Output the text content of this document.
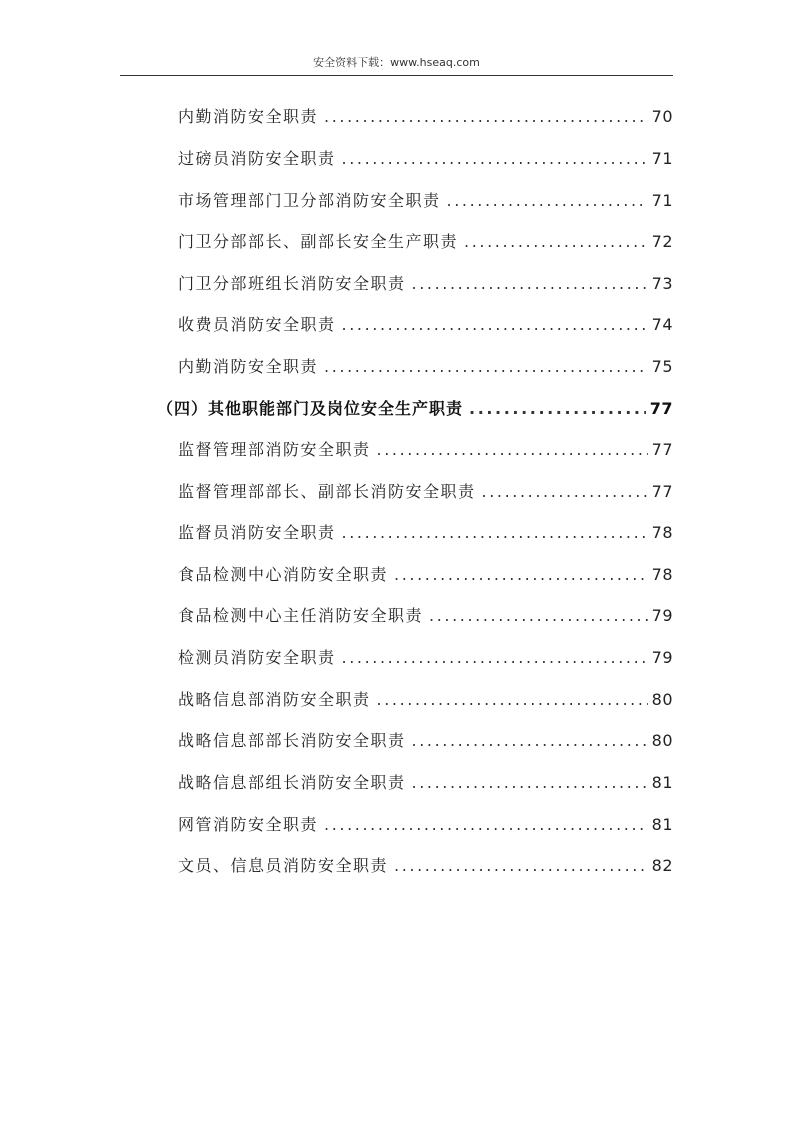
安全资料下载：www.hseaq.com
内勤消防安全职责 .....	70
过磅员消防安全职责 .....	71
市场管理部门卫分部消防安全职责 .....	71
门卫分部部长、副部长安全生产职责 .....	72
门卫分部班组长消防安全职责 .....	73
收费员消防安全职责 .....	74
内勤消防安全职责 .....	75
（四）其他职能部门及岗位安全生产职责 .....	77
监督管理部消防安全职责 .....	77
监督管理部部长、副部长消防安全职责 .....	77
监督员消防安全职责 .....	78
食品检测中心消防安全职责 .....	78
食品检测中心主任消防安全职责 .....	79
检测员消防安全职责 .....	79
战略信息部消防安全职责 .....	80
战略信息部部长消防安全职责 .....	80
战略信息部组长消防安全职责 .....	81
网管消防安全职责 .....	81
文员、信息员消防安全职责 .....	82
